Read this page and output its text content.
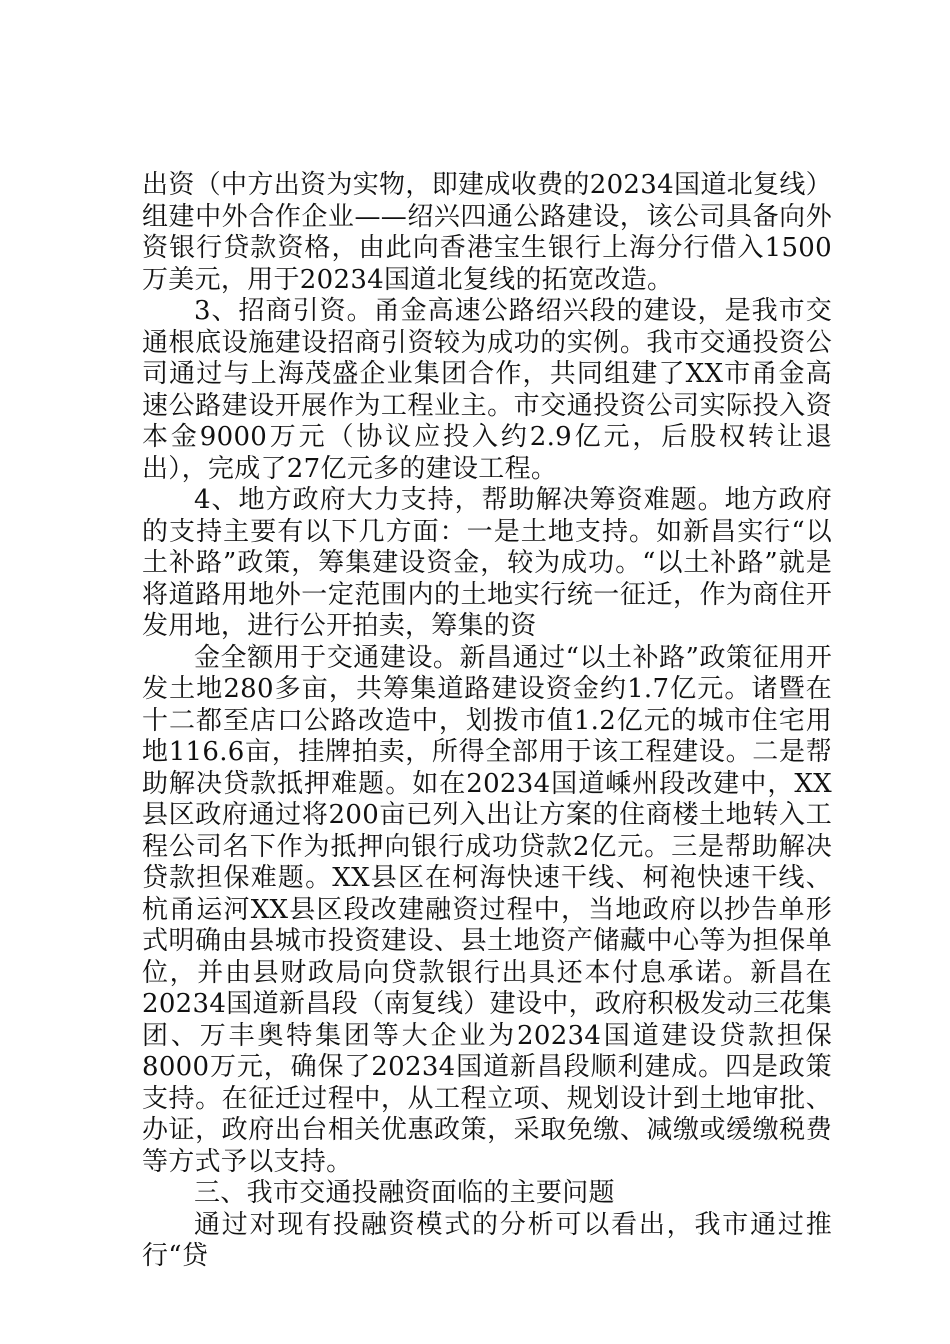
出资（中方出资为实物，即建成收费的20234国道北复线）组建中外合作企业——绍兴四通公路建设，该公司具备向外资银行贷款资格，由此向香港宝生银行上海分行借入1500万美元，用于20234国道北复线的拓宽改造。

3、招商引资。甬金高速公路绍兴段的建设，是我市交通根底设施建设招商引资较为成功的实例。我市交通投资公司通过与上海茂盛企业集团合作，共同组建了XX市甬金高速公路建设开展作为工程业主。市交通投资公司实际投入资本金9000万元（协议应投入约2.9亿元，后股权转让退出），完成了27亿元多的建设工程。

4、地方政府大力支持，帮助解决筹资难题。地方政府的支持主要有以下几方面：一是土地支持。如新昌实行“以土补路”政策，筹集建设资金，较为成功。“以土补路”就是将道路用地外一定范围内的土地实行统一征迁，作为商住开发用地，进行公开拍卖，筹集的资

金全额用于交通建设。新昌通过“以土补路”政策征用开发土地280多亩，共筹集道路建设资金约1.7亿元。诸暨在十二都至店口公路改造中，划拨市值1.2亿元的城市住宅用地116.6亩，挂牌拍卖，所得全部用于该工程建设。二是帮助解决贷款抵押难题。如在20234国道嵊州段改建中，XX县区政府通过将200亩已列入出让方案的住商楼土地转入工程公司名下作为抵押向银行成功贷款2亿元。三是帮助解决贷款担保难题。XX县区在柯海快速干线、柯袍快速干线、杭甬运河XX县区段改建融资过程中，当地政府以抄告单形式明确由县城市投资建设、县土地资产储藏中心等为担保单位，并由县财政局向贷款银行出具还本付息承诺。新昌在20234国道新昌段（南复线）建设中，政府积极发动三花集团、万丰奥特集团等大企业为20234国道建设贷款担保8000万元，确保了20234国道新昌段顺利建成。四是政策支持。在征迁过程中，从工程立项、规划设计到土地审批、办证，政府出台相关优惠政策，采取免缴、减缴或缓缴税费等方式予以支持。

三、我市交通投融资面临的主要问题

通过对现有投融资模式的分析可以看出，我市通过推行“贷
